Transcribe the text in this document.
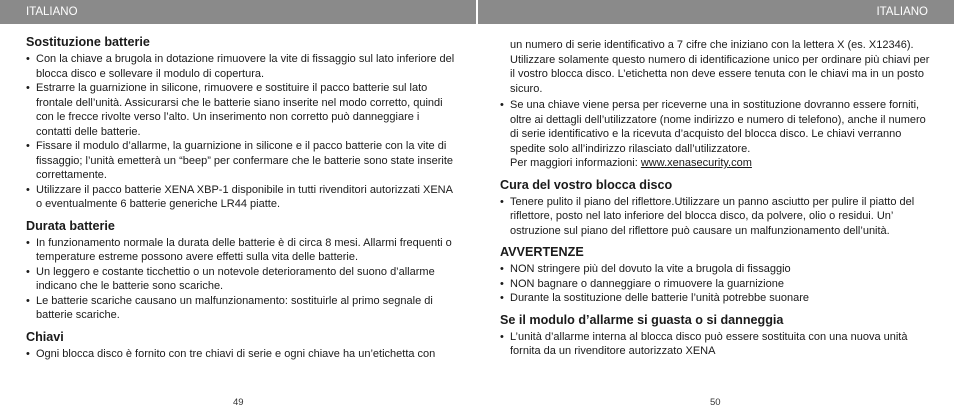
ITALIANO	ITALIANO
Sostituzione batterie
• Con la chiave a brugola in dotazione rimuovere la vite di fissaggio sul lato inferiore del blocca disco e sollevare il modulo di copertura.
• Estrarre la guarnizione in silicone, rimuovere e sostituire il pacco batterie sul lato frontale dell’unità. Assicurarsi che le batterie siano inserite nel modo corretto, quindi con le frecce rivolte verso l’alto. Un inserimento non corretto può danneggiare i contatti delle batterie.
• Fissare il modulo d’allarme, la guarnizione in silicone e il pacco batterie con la vite di fissaggio; l’unità emetterà un “beep” per confermare che le batterie sono state inserite correttamente.
• Utilizzare il pacco batterie XENA XBP-1 disponibile in tutti rivenditori autorizzati XENA o eventualmente 6 batterie generiche LR44 piatte.
Durata batterie
• In funzionamento normale la durata delle batterie è di circa 8 mesi. Allarmi frequenti o temperature estreme possono avere effetti sulla vita delle batterie.
• Un leggero e costante ticchettio o un notevole deterioramento del suono d’allarme indicano che le batterie sono scariche.
• Le batterie scariche causano un malfunzionamento: sostituirle al primo segnale di batterie scariche.
Chiavi
• Ogni blocca disco è fornito con tre chiavi di serie e ogni chiave ha un’etichetta con

un numero di serie identificativo a 7 cifre che iniziano con la lettera X (es. X12346). Utilizzare solamente questo numero di identificazione unico per ordinare più chiavi per il vostro blocca disco. L’etichetta non deve essere tenuta con le chiavi ma in un posto sicuro.

• Se una chiave viene persa per riceverne una in sostituzione dovranno essere forniti, oltre ai dettagli dell’utilizzatore (nome indirizzo e numero di telefono), anche il numero di serie identificativo e la ricevuta d’acquisto del blocca disco. Le chiavi verranno spedite solo all’indirizzo rilasciato dall’utilizzatore.

Per maggiori informazioni: www.xenasecurity.com

Cura del vostro blocca disco
• Tenere pulito il piano del riflettore.Utilizzare un panno asciutto per pulire il piatto del riflettore, posto nel lato inferiore del blocca disco, da polvere, olio o residui. Un’ ostruzione sul piano del riflettore può causare un malfunzionamento dell’unità.
AVVERTENZE
• NON stringere più del dovuto la vite a brugola di fissaggio
• NON bagnare o danneggiare o rimuovere la guarnizione
• Durante la sostituzione delle batterie l’unità potrebbe suonare
Se il modulo d’allarme si guasta o si danneggia
• L’unità d’allarme interna al blocca disco può essere sostituita con una nuova unità fornita da un rivenditore autorizzato XENA
49	50
